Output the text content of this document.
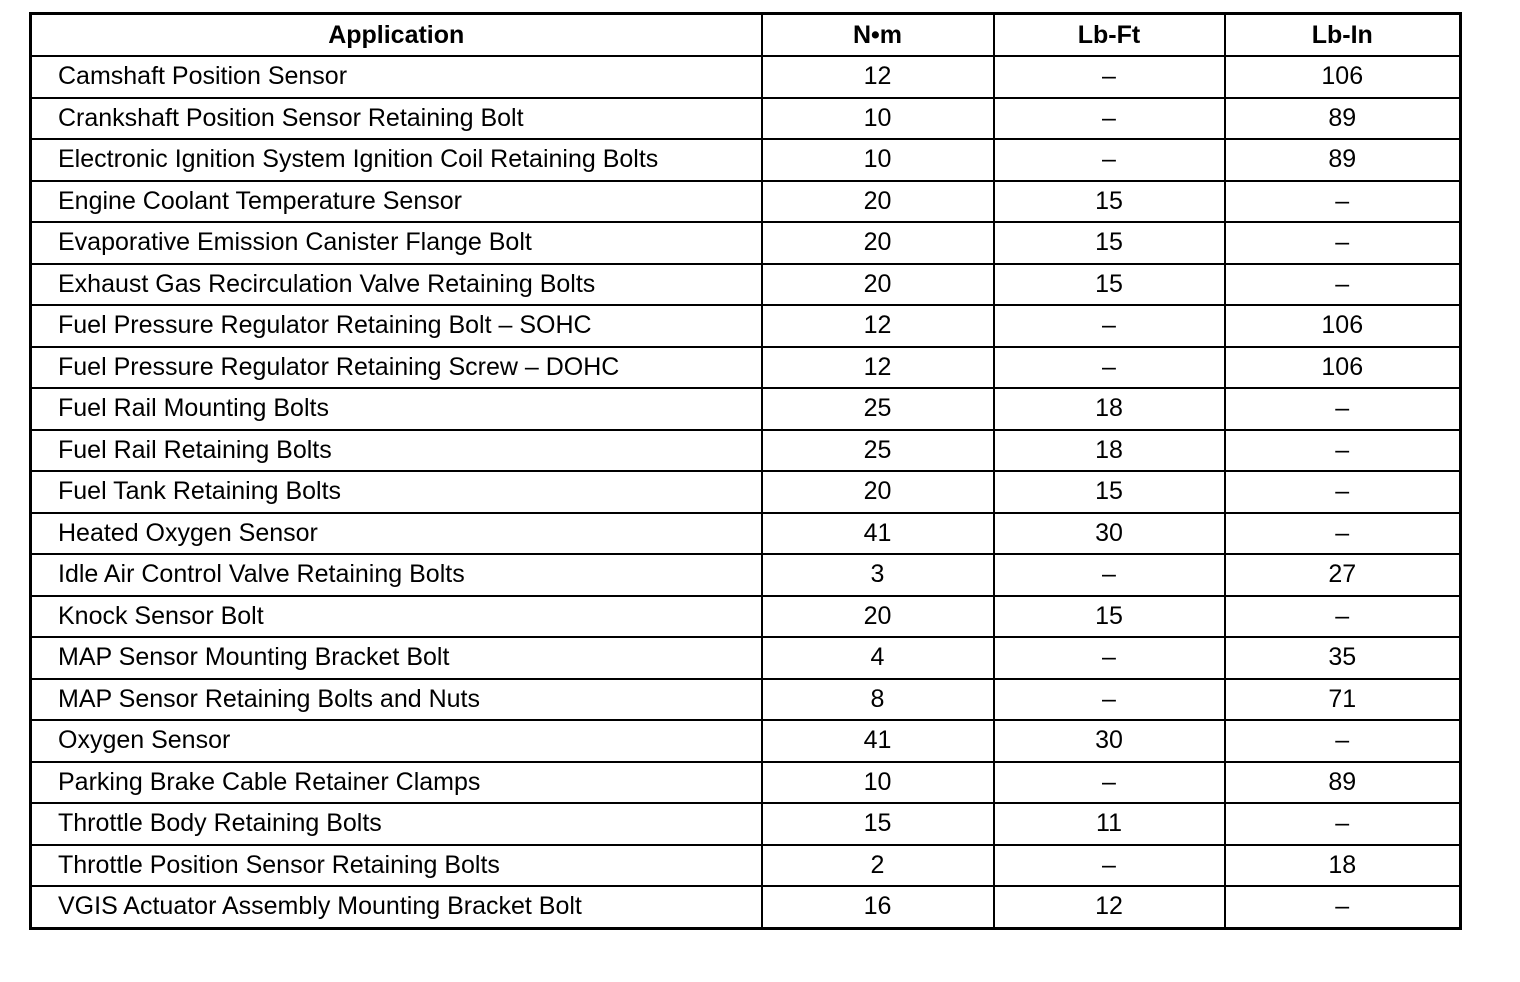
Application	N•m	Lb-Ft	Lb-In
Camshaft Position Sensor	12	–	106
Crankshaft Position Sensor Retaining Bolt	10	–	89
Electronic Ignition System Ignition Coil Retaining Bolts	10	–	89
Engine Coolant Temperature Sensor	20	15	–
Evaporative Emission Canister Flange Bolt	20	15	–
Exhaust Gas Recirculation Valve Retaining Bolts	20	15	–
Fuel Pressure Regulator Retaining Bolt – SOHC	12	–	106
Fuel Pressure Regulator Retaining Screw – DOHC	12	–	106
Fuel Rail Mounting Bolts	25	18	–
Fuel Rail Retaining Bolts	25	18	–
Fuel Tank Retaining Bolts	20	15	–
Heated Oxygen Sensor	41	30	–
Idle Air Control Valve Retaining Bolts	3	–	27
Knock Sensor Bolt	20	15	–
MAP Sensor Mounting Bracket Bolt	4	–	35
MAP Sensor Retaining Bolts and Nuts	8	–	71
Oxygen Sensor	41	30	–
Parking Brake Cable Retainer Clamps	10	–	89
Throttle Body Retaining Bolts	15	11	–
Throttle Position Sensor Retaining Bolts	2	–	18
VGIS Actuator Assembly Mounting Bracket Bolt	16	12	–
